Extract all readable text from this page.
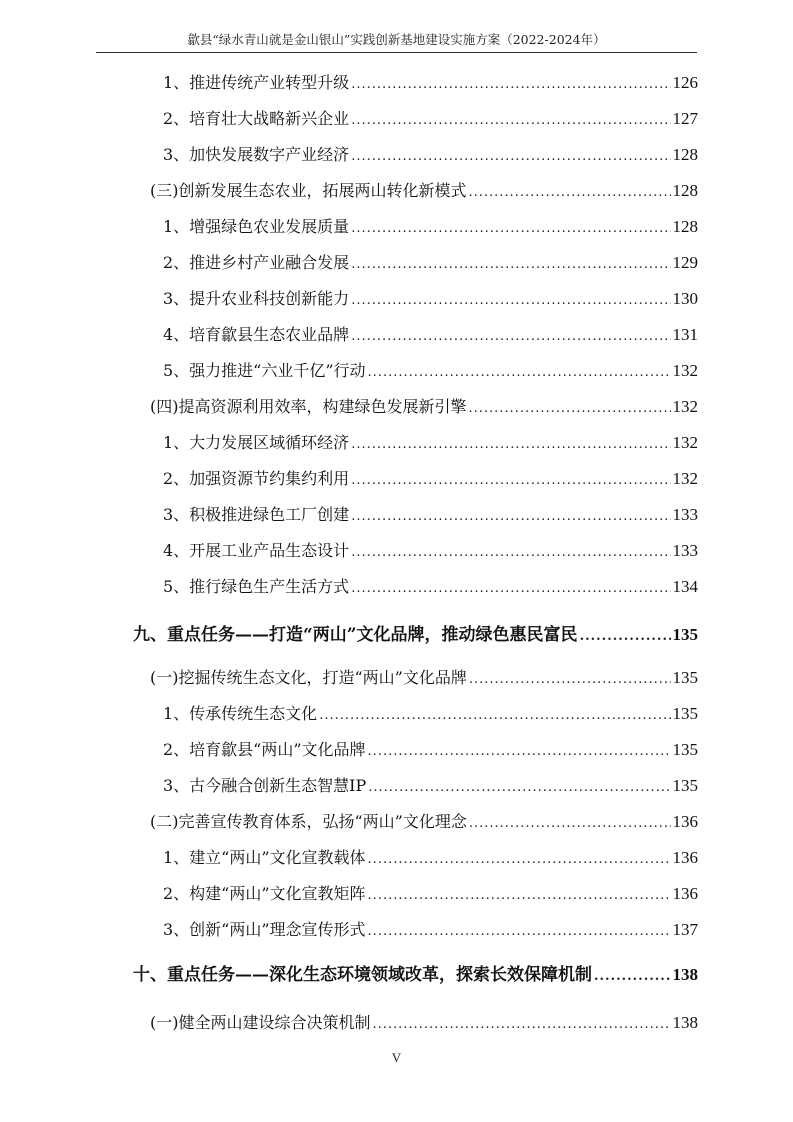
歙县“绿水青山就是金山银山”实践创新基地建设实施方案（2022-2024年）
1、推进传统产业转型升级 .....	126
2、培育壮大战略新兴企业 .....	127
3、加快发展数字产业经济 .....	128
(三)创新发展生态农业，拓展两山转化新模式 .....	128
1、增强绿色农业发展质量 .....	128
2、推进乡村产业融合发展 .....	129
3、提升农业科技创新能力 .....	130
4、培育歙县生态农业品牌 .....	131
5、强力推进“六业千亿”行动 .....	132
(四)提高资源利用效率，构建绿色发展新引擎 .....	132
1、大力发展区域循环经济 .....	132
2、加强资源节约集约利用 .....	132
3、积极推进绿色工厂创建 .....	133
4、开展工业产品生态设计 .....	133
5、推行绿色生产生活方式 .....	134
九、重点任务——打造“两山”文化品牌，推动绿色惠民富民 .....	135
(一)挖掘传统生态文化，打造“两山”文化品牌 .....	135
1、传承传统生态文化 .....	135
2、培育歙县“两山”文化品牌 .....	135
3、古今融合创新生态智慧IP .....	135
(二)完善宣传教育体系，弘扬“两山”文化理念 .....	136
1、建立“两山”文化宣教载体 .....	136
2、构建“两山”文化宣教矩阵 .....	136
3、创新“两山”理念宣传形式 .....	137
十、重点任务——深化生态环境领域改革，探索长效保障机制 .....	138
(一)健全两山建设综合决策机制 .....	138
V
